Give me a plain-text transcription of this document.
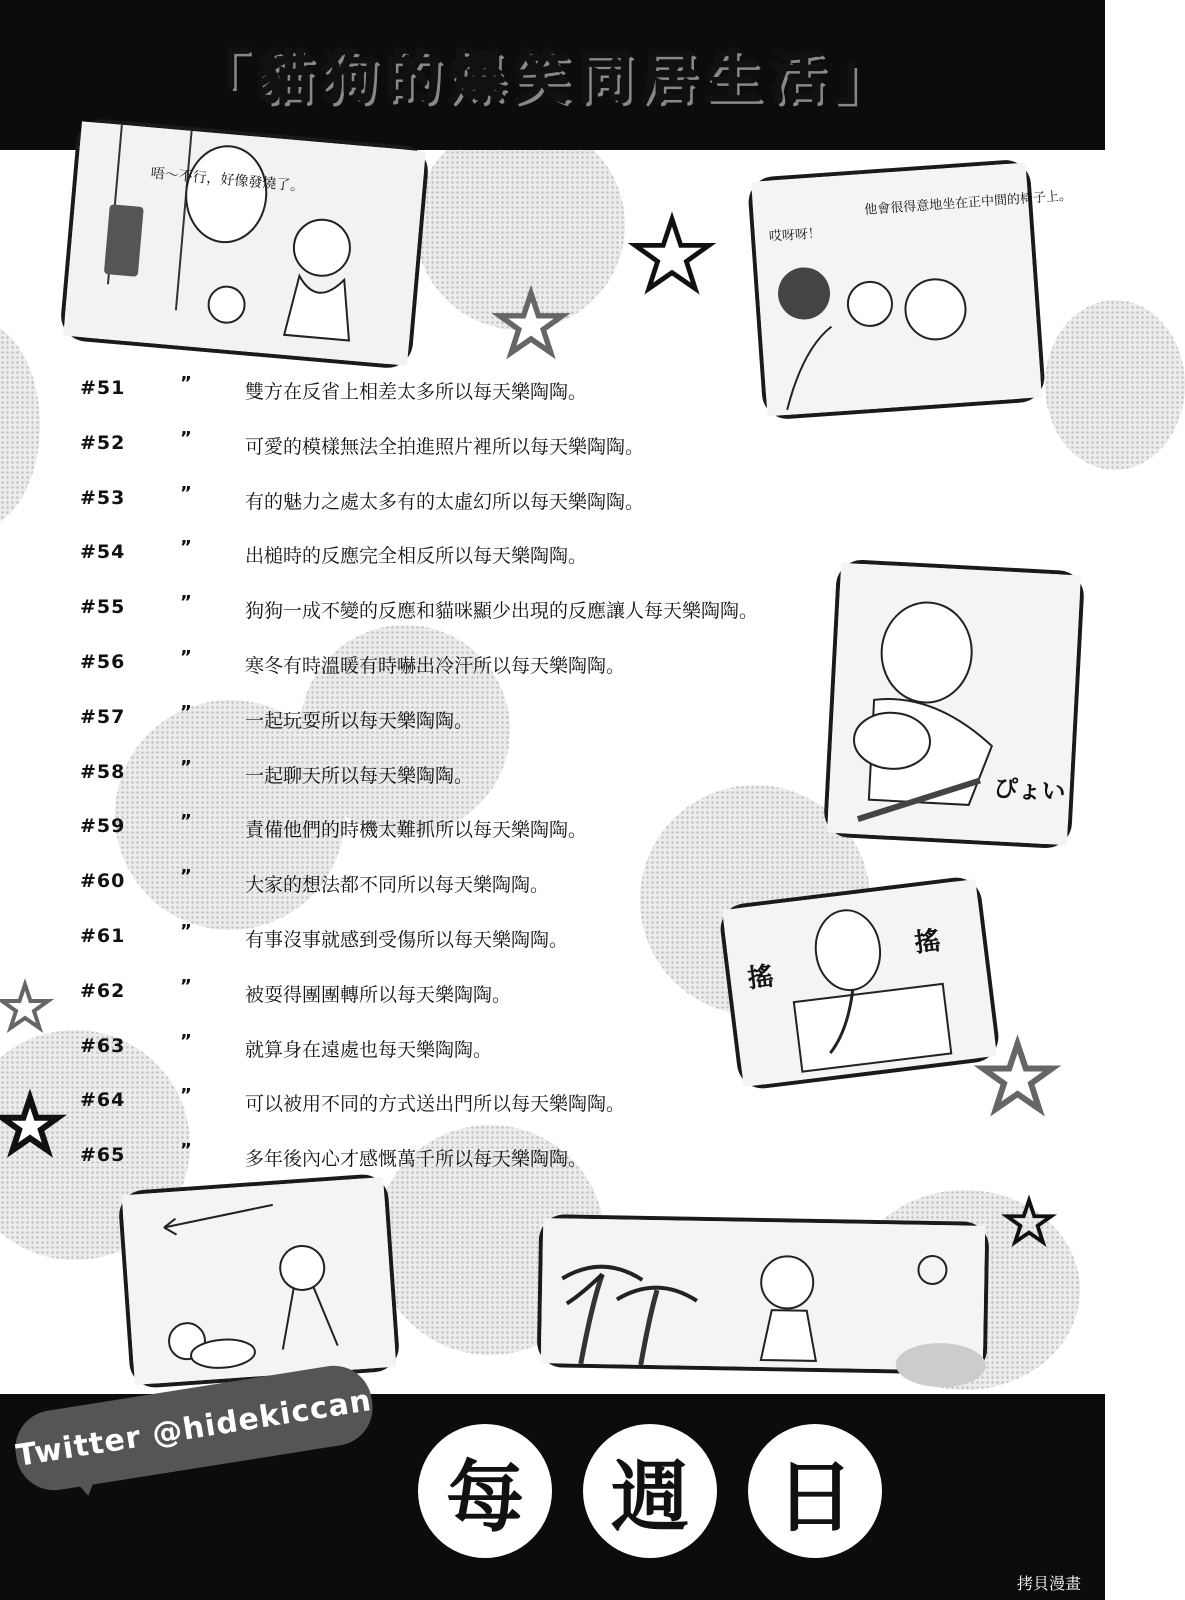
「貓狗的爆笑同居生活」
唔～不行，好像發燒了。
他會很得意地坐在正中間的椅子上。
哎呀呀！
ぴょい
搖
搖
#51	”	雙方在反省上相差太多所以每天樂陶陶。
#52	”	可愛的模樣無法全拍進照片裡所以每天樂陶陶。
#53	”	有的魅力之處太多有的太虛幻所以每天樂陶陶。
#54	”	出槌時的反應完全相反所以每天樂陶陶。
#55	”	狗狗一成不變的反應和貓咪顯少出現的反應讓人每天樂陶陶。
#56	”	寒冬有時溫暖有時嚇出冷汗所以每天樂陶陶。
#57	”	一起玩耍所以每天樂陶陶。
#58	”	一起聊天所以每天樂陶陶。
#59	”	責備他們的時機太難抓所以每天樂陶陶。
#60	”	大家的想法都不同所以每天樂陶陶。
#61	”	有事沒事就感到受傷所以每天樂陶陶。
#62	”	被耍得團團轉所以每天樂陶陶。
#63	”	就算身在遠處也每天樂陶陶。
#64	”	可以被用不同的方式送出門所以每天樂陶陶。
#65	”	多年後內心才感慨萬千所以每天樂陶陶。
Twitter @hidekiccan
每	週	日
拷貝漫畫
